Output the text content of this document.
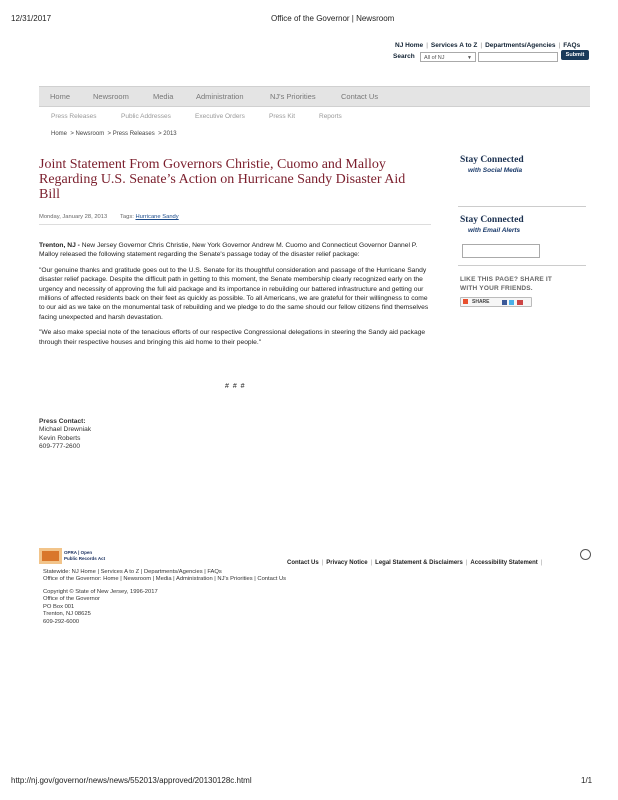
12/31/2017	Office of the Governor | Newsroom
NJ Home | Services A to Z | Departments/Agencies | FAQs
Search	All of NJ	▼	Submit
Home	Newsroom	Media	Administration	NJ's Priorities	Contact Us
Press Releases	Public Addresses	Executive Orders	Press Kit	Reports
Home > Newsroom > Press Releases > 2013
Joint Statement From Governors Christie, Cuomo and Malloy
Regarding U.S. Senate’s Action on Hurricane Sandy Disaster Aid
Bill
Monday, January 28, 2013 Tags: Hurricane Sandy

Trenton, NJ - New Jersey Governor Chris Christie, New York Governor Andrew M. Cuomo and Connecticut Governor Dannel P. Malloy released the following statement regarding the Senate's passage today of the disaster relief package:

"Our genuine thanks and gratitude goes out to the U.S. Senate for its thoughtful consideration and passage of the Hurricane Sandy disaster relief package. Despite the difficult path in getting to this moment, the Senate membership clearly recognized early on the urgency and necessity of approving the full aid package and its importance in rebuilding our battered infrastructure and getting our millions of affected residents back on their feet as quickly as possible. To all Americans, we are grateful for their willingness to come to our aid as we take on the monumental task of rebuilding and we pledge to do the same should our fellow citizens find themselves facing unexpected and harsh devastation.

"We also make special note of the tenacious efforts of our respective Congressional delegations in steering the Sandy aid package through their respective houses and bringing this aid home to their people."

# # #
Press Contact:
Michael Drewniak
Kevin Roberts
609-777-2600
Stay Connected
with Social Media
Stay Connected
with Email Alerts
LIKE THIS PAGE? SHARE IT
WITH YOUR FRIENDS.
SHARE
OPRA | Open
Public Records Act
Contact Us | Privacy Notice | Legal Statement & Disclaimers | Accessibility Statement |
Statewide: NJ Home | Services A to Z | Departments/Agencies | FAQs
Office of the Governor: Home | Newsroom | Media | Administration | NJ's Priorities | Contact Us
Copyright © State of New Jersey, 1996-2017
Office of the Governor
PO Box 001
Trenton, NJ 08625
609-292-6000
http://nj.gov/governor/news/news/552013/approved/20130128c.html	1/1
